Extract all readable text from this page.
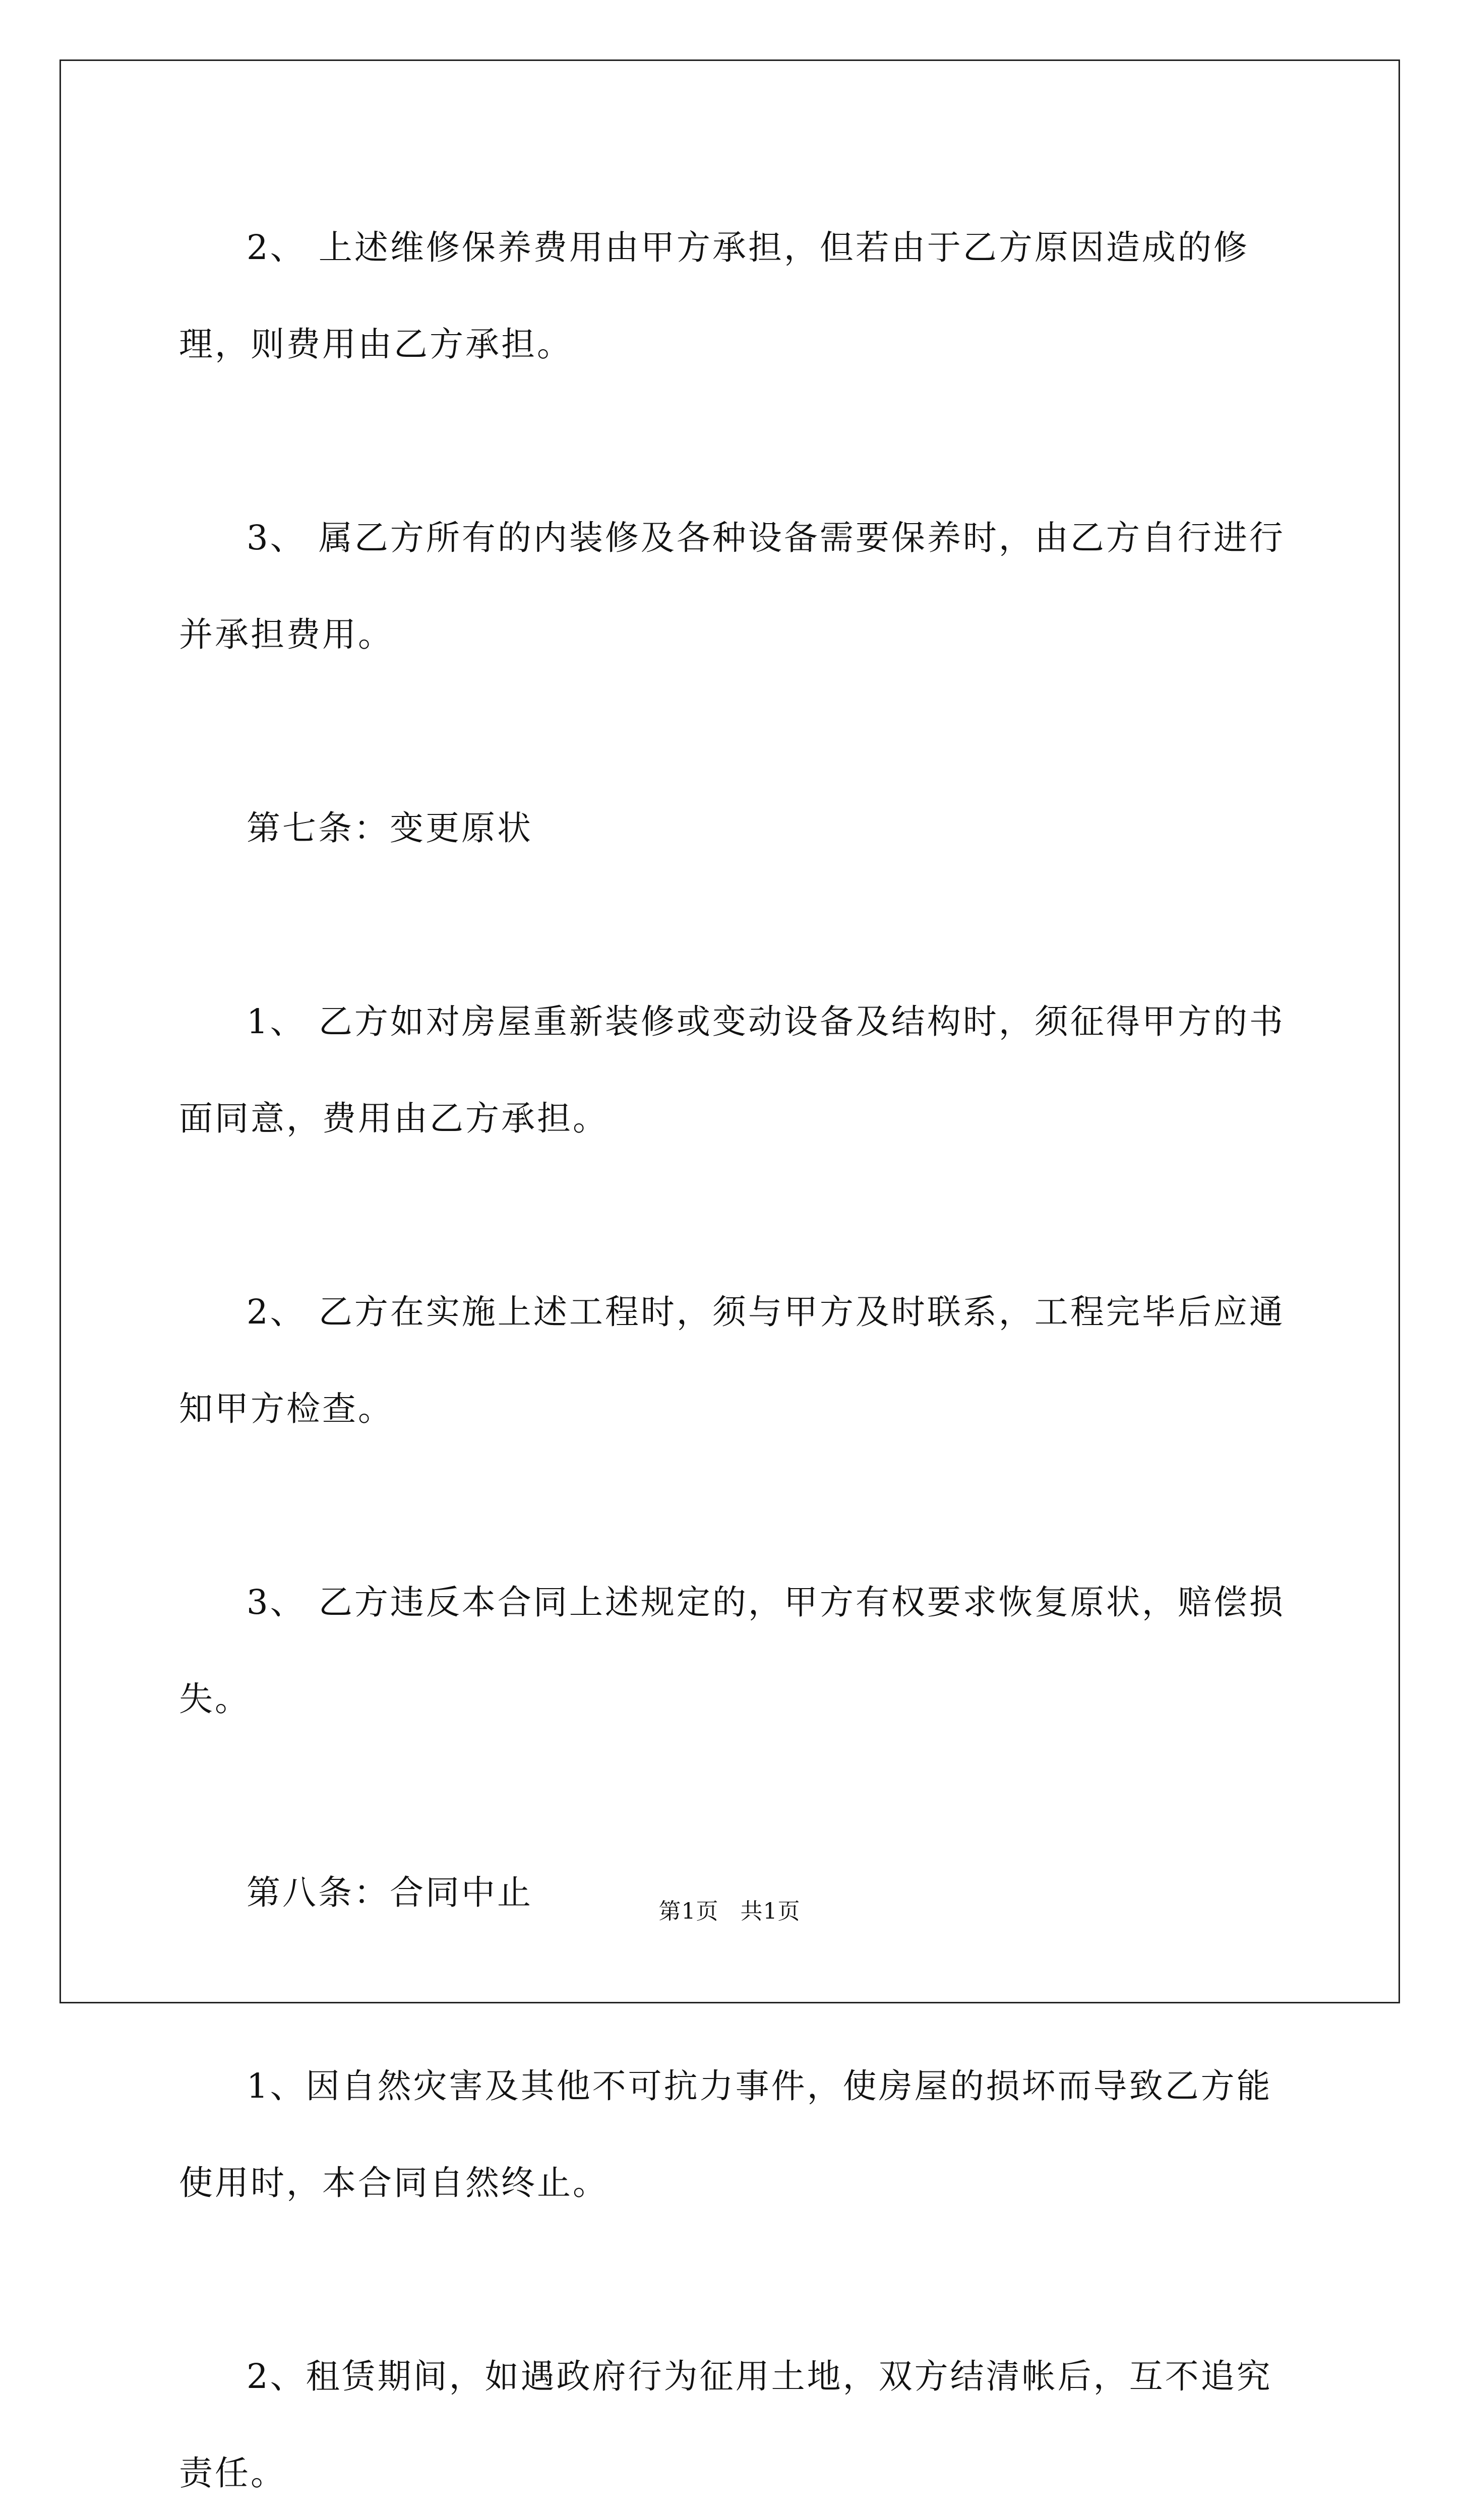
2、 上述维修保养费用由甲方承担，但若由于乙方原因造成的修理，则费用由乙方承担。

3、 属乙方所有的内装修及各种设备需要保养时，由乙方自行进行并承担费用。

第七条：变更原状

1、 乙方如对房屋重新装修或变动设备及结构时，须征得甲方的书面同意，费用由乙方承担。

2、 乙方在实施上述工程时，须与甲方及时联系，工程完毕后应通知甲方检查。

3、 乙方违反本合同上述规定的，甲方有权要求恢复原状，赔偿损失。

第八条：合同中止

1、因自然灾害及其他不可抗力事件，使房屋的损坏而导致乙方能使用时，本合同自然终止。

2、租赁期间，如遇政府行为征用土地，双方结清帐后，互不追究责任。

第1页 共1页
